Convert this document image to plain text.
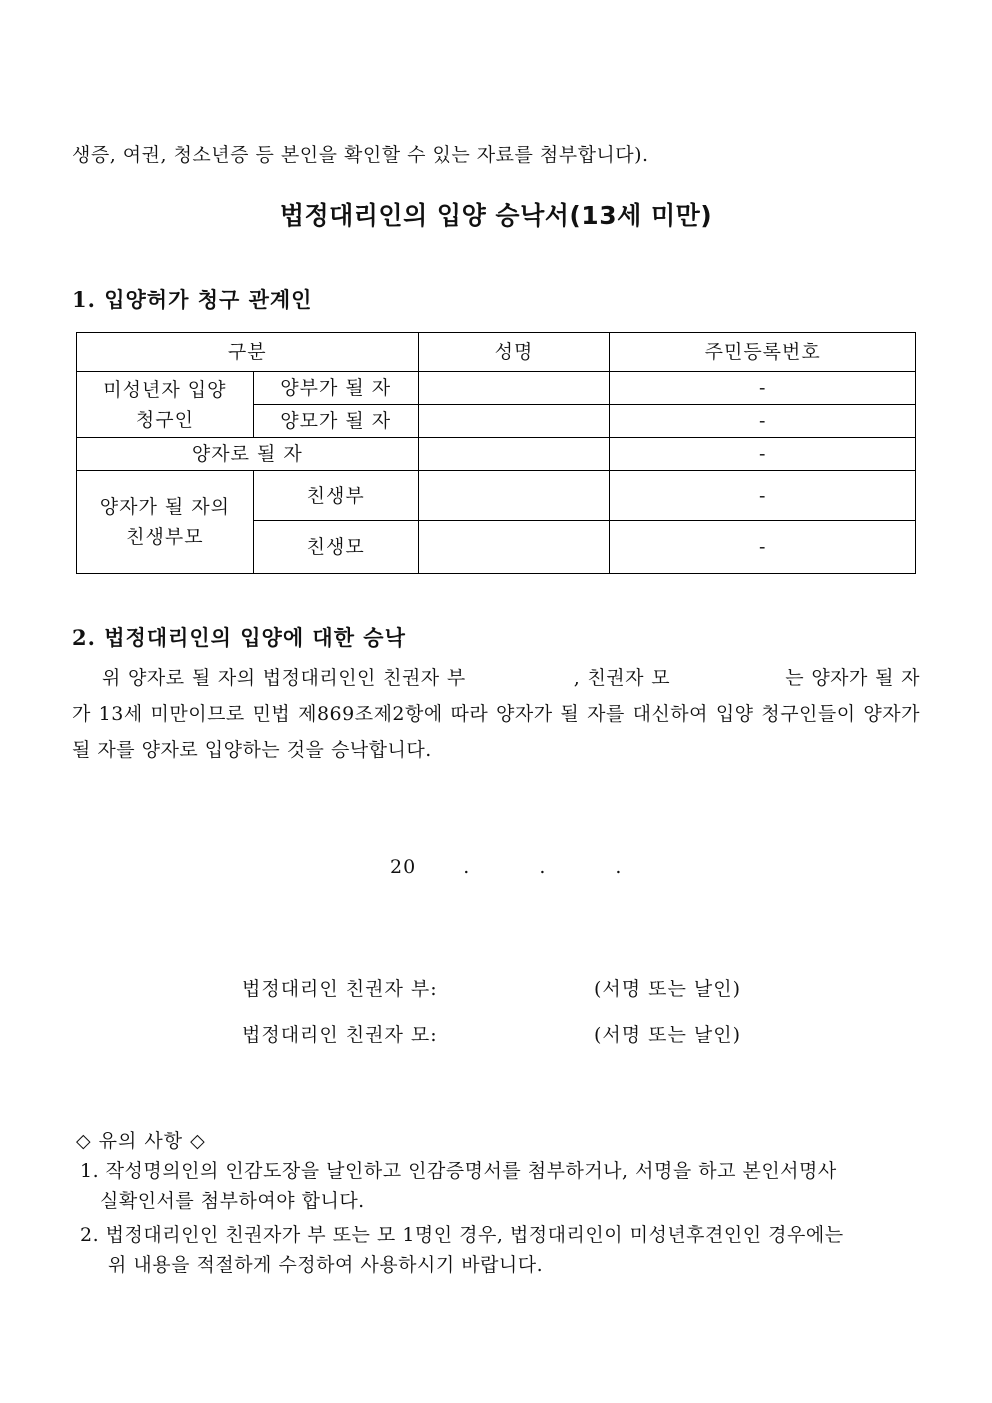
생증, 여권, 청소년증 등 본인을 확인할 수 있는 자료를 첨부합니다).
법정대리인의 입양 승낙서(13세 미만)
1. 입양허가 청구 관계인
구분		성명	주민등록번호
미성년자 입양
청구인	양부가 될 자		-
	양모가 될 자		-
양자로 될 자			-
양자가 될 자의
친생부모	친생부		-
	친생모		-
2. 법정대리인의 입양에 대한 승낙
위 양자로 될 자의 법정대리인인 친권자 부 　　　　　, 친권자 모 　　　　　 는 양자가 될 자가 13세 미만이므로 민법 제869조제2항에 따라 양자가 될 자를 대신하여 입양 청구인들이 양자가 될 자를 양자로 입양하는 것을 승낙합니다.
20 .	.	.
법정대리인 친권자 부:	(서명 또는 날인)
법정대리인 친권자 모:	(서명 또는 날인)
◇ 유의 사항 ◇
1. 작성명의인의 인감도장을 날인하고 인감증명서를 첨부하거나, 서명을 하고 본인서명사
실확인서를 첨부하여야 합니다.
2. 법정대리인인 친권자가 부 또는 모 1명인 경우, 법정대리인이 미성년후견인인 경우에는
위 내용을 적절하게 수정하여 사용하시기 바랍니다.
